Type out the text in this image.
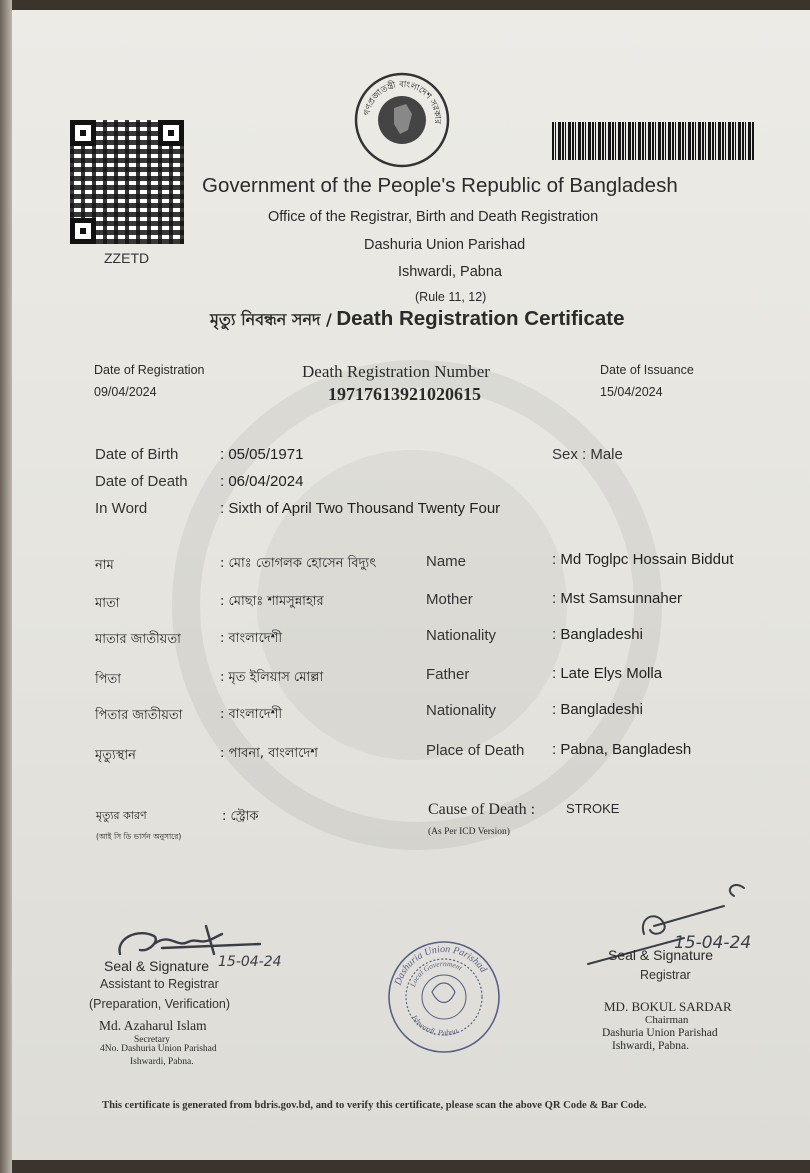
ZZETD
গণপ্রজাতন্ত্রী বাংলাদেশ সরকার
Government of the People's Republic of Bangladesh
Office of the Registrar, Birth and Death Registration
Dashuria Union Parishad
Ishwardi, Pabna
(Rule 11, 12)
মৃত্যু নিবন্ধন সনদ / Death Registration Certificate
Date of Registration
09/04/2024
Death Registration Number
19717613921020615
Date of Issuance
15/04/2024
Date of Birth	: 05/05/1971	Sex : Male
Date of Death : 06/04/2024
In Word	: Sixth of April Two Thousand Twenty Four
নাম	: মোঃ তোগলক হোসেন বিদ্যুৎ	Name	: Md Toglpc Hossain Biddut
মাতা	: মোছাঃ শামসুন্নাহার	Mother	: Mst Samsunnaher
মাতার জাতীয়তা	: বাংলাদেশী	Nationality	: Bangladeshi
পিতা	: মৃত ইলিয়াস মোল্লা	Father	: Late Elys Molla
পিতার জাতীয়তা	: বাংলাদেশী	Nationality	: Bangladeshi
মৃত্যুস্থান	: পাবনা, বাংলাদেশ	Place of Death : Pabna, Bangladesh
মৃত্যুর কারণ
(আই সি ডি ভার্সন অনুসারে)
: স্ট্রোক	Cause of Death : STROKE
(As Per ICD Version)
15-04-24
Seal & Signature
Assistant to Registrar
(Preparation, Verification)
Md. Azaharul Islam
Secretary
4No. Dashuria Union Parishad
Ishwardi, Pabna.
Dashuria Union Parishad
Local Government
Ishwardi, Pabna.
15-04-24
Seal & Signature
Registrar
MD. BOKUL SARDAR
Chairman
Dashuria Union Parishad
Ishwardi, Pabna.
This certificate is generated from bdris.gov.bd, and to verify this certificate, please scan the above QR Code & Bar Code.
